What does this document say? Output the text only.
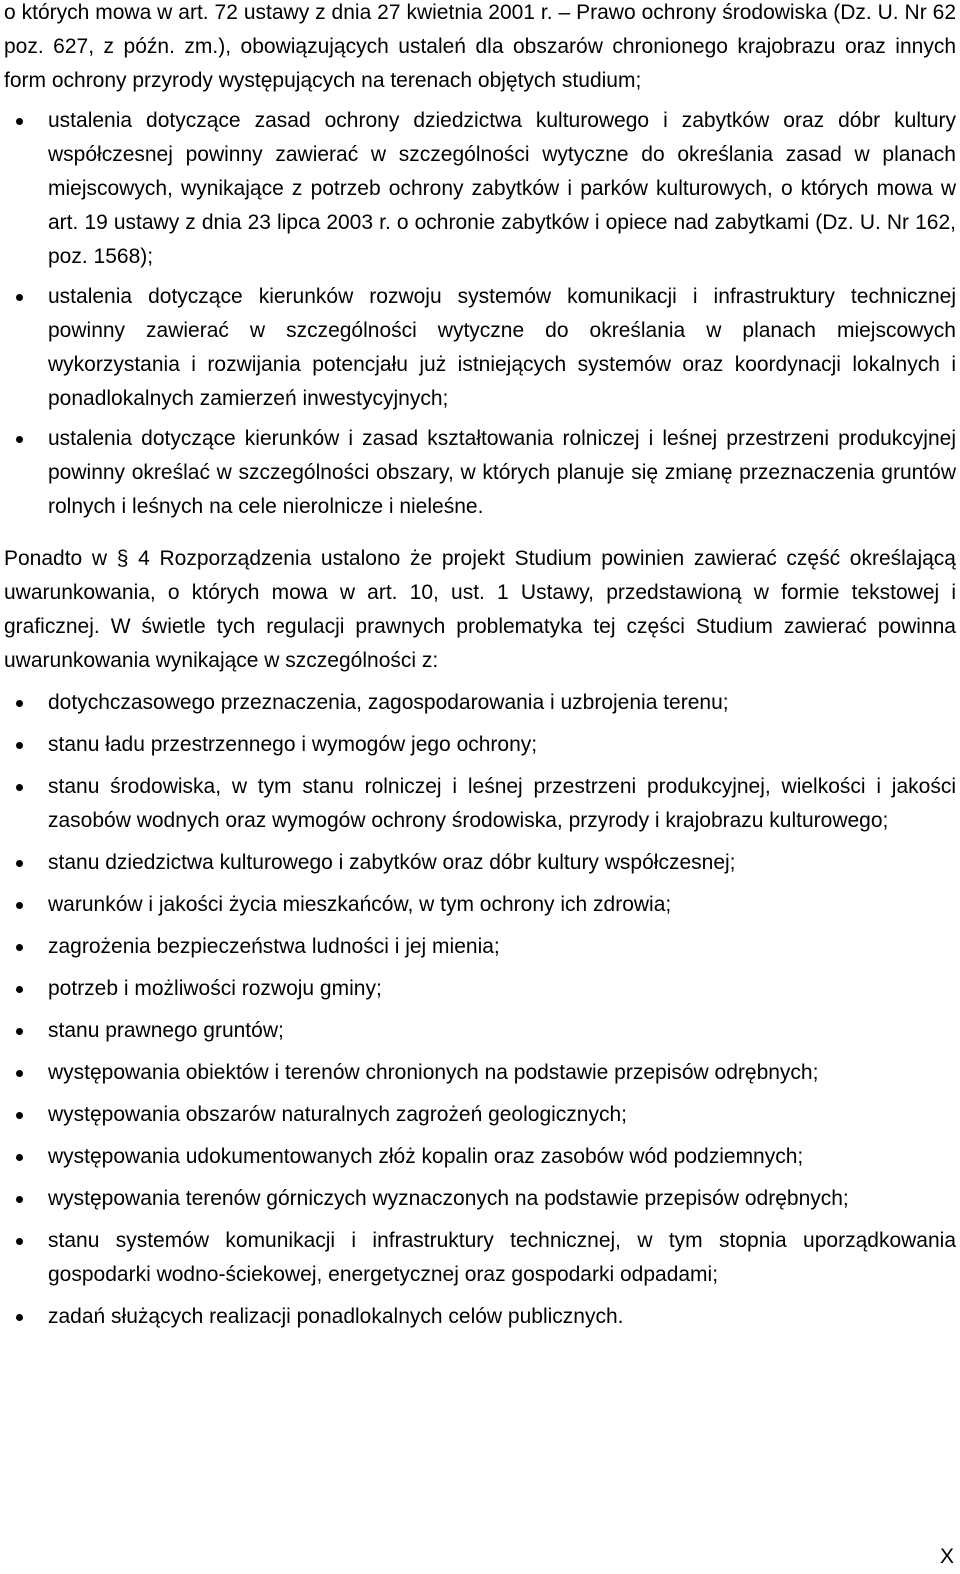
o których mowa w art. 72 ustawy z dnia 27 kwietnia 2001 r. – Prawo ochrony środowiska (Dz. U. Nr 62 poz. 627, z późn. zm.), obowiązujących ustaleń dla obszarów chronionego krajobrazu oraz innych form ochrony przyrody występujących na terenach objętych studium;

ustalenia dotyczące zasad ochrony dziedzictwa kulturowego i zabytków oraz dóbr kultury współczesnej powinny zawierać w szczególności wytyczne do określania zasad w planach miejscowych, wynikające z potrzeb ochrony zabytków i parków kulturowych, o których mowa w art. 19 ustawy z dnia 23 lipca 2003 r. o ochronie zabytków i opiece nad zabytkami (Dz. U. Nr 162, poz. 1568);
ustalenia dotyczące kierunków rozwoju systemów komunikacji i infrastruktury technicznej powinny zawierać w szczególności wytyczne do określania w planach miejscowych wykorzystania i rozwijania potencjału już istniejących systemów oraz koordynacji lokalnych i ponadlokalnych zamierzeń inwestycyjnych;
ustalenia dotyczące kierunków i zasad kształtowania rolniczej i leśnej przestrzeni produkcyjnej powinny określać w szczególności obszary, w których planuje się zmianę przeznaczenia gruntów rolnych i leśnych na cele nierolnicze i nieleśne.

Ponadto w § 4 Rozporządzenia ustalono że projekt Studium powinien zawierać część określającą uwarunkowania, o których mowa w art. 10, ust. 1 Ustawy, przedstawioną w formie tekstowej i graficznej. W świetle tych regulacji prawnych problematyka tej części Studium zawierać powinna uwarunkowania wynikające w szczególności z:

dotychczasowego przeznaczenia, zagospodarowania i uzbrojenia terenu;
stanu ładu przestrzennego i wymogów jego ochrony;
stanu środowiska, w tym stanu rolniczej i leśnej przestrzeni produkcyjnej, wielkości i jakości zasobów wodnych oraz wymogów ochrony środowiska, przyrody i krajobrazu kulturowego;
stanu dziedzictwa kulturowego i zabytków oraz dóbr kultury współczesnej;
warunków i jakości życia mieszkańców, w tym ochrony ich zdrowia;
zagrożenia bezpieczeństwa ludności i jej mienia;
potrzeb i możliwości rozwoju gminy;
stanu prawnego gruntów;
występowania obiektów i terenów chronionych na podstawie przepisów odrębnych;
występowania obszarów naturalnych zagrożeń geologicznych;
występowania udokumentowanych złóż kopalin oraz zasobów wód podziemnych;
występowania terenów górniczych wyznaczonych na podstawie przepisów odrębnych;
stanu systemów komunikacji i infrastruktury technicznej, w tym stopnia uporządkowania gospodarki wodno-ściekowej, energetycznej oraz gospodarki odpadami;
zadań służących realizacji ponadlokalnych celów publicznych.
X
